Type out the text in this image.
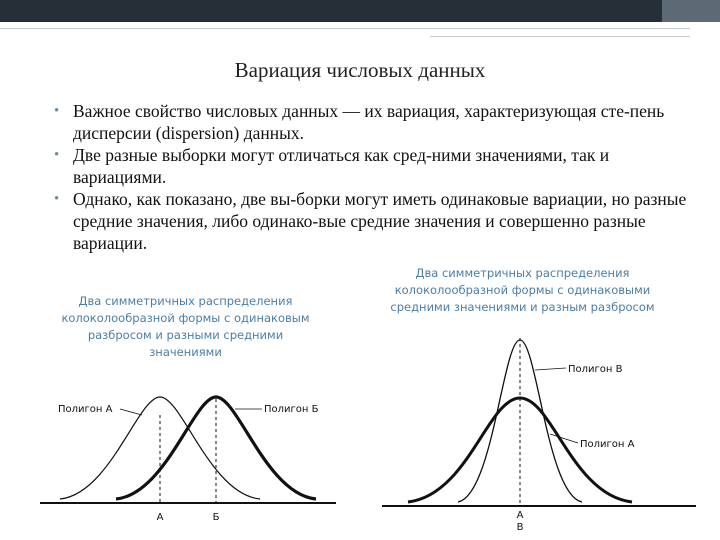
Вариация числовых данных
• Важное свойство числовых данных — их вариация, характеризующая сте-пень дисперсии (dispersion) данных.
• Две разные выборки могут отличаться как сред-ними значениями, так и вариациями.
• Однако, как показано, две вы-борки могут иметь одинаковые вариации, но разные средние значения, либо одинако-вые средние значения и совершенно разные вариации.
Два симметричных распределения колоколообразной формы с одинаковым разбросом и разными средними значениями
Два симметричных распределения колоколообразной формы с одинаковыми средними значениями и разным разбросом
Полигон А	Полигон Б
А	Б
Полигон В
Полигон А
А
В
